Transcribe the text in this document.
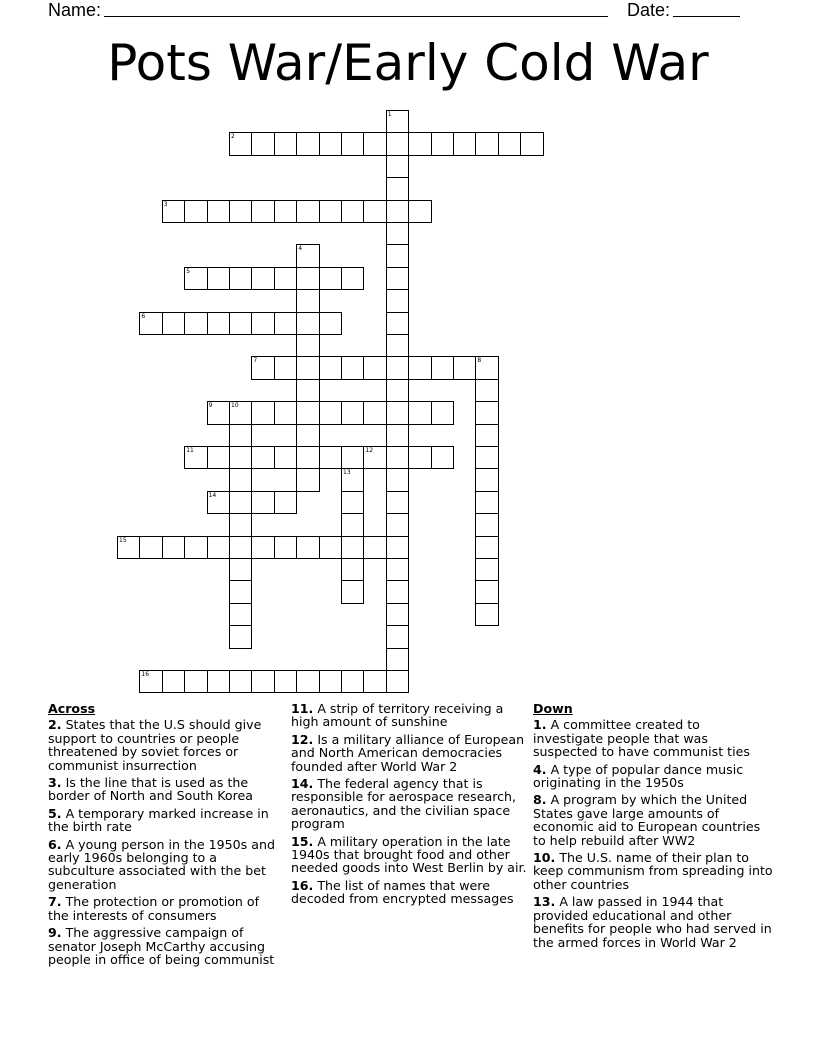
Name:	Date:
Pots War/Early Cold War
1
2
3
4
5
6
7	8
9	10
11	12
13
14
15
16
Across
2. States that the U.S should give support to countries or people threatened by soviet forces or communist insurrection
3. Is the line that is used as the border of North and South Korea
5. A temporary marked increase in the birth rate
6. A young person in the 1950s and early 1960s belonging to a subculture associated with the bet generation
7. The protection or promotion of the interests of consumers
9. The aggressive campaign of senator Joseph McCarthy accusing people in office of being communist
11. A strip of territory receiving a high amount of sunshine
12. Is a military alliance of European and North American democracies founded after World War 2
14. The federal agency that is responsible for aerospace research, aeronautics, and the civilian space program
15. A military operation in the late 1940s that brought food and other needed goods into West Berlin by air.
16. The list of names that were decoded from encrypted messages
Down
1. A committee created to investigate people that was suspected to have communist ties
4. A type of popular dance music originating in the 1950s
8. A program by which the United States gave large amounts of economic aid to European countries to help rebuild after WW2
10. The U.S. name of their plan to keep communism from spreading into other countries
13. A law passed in 1944 that provided educational and other benefits for people who had served in the armed forces in World War 2
